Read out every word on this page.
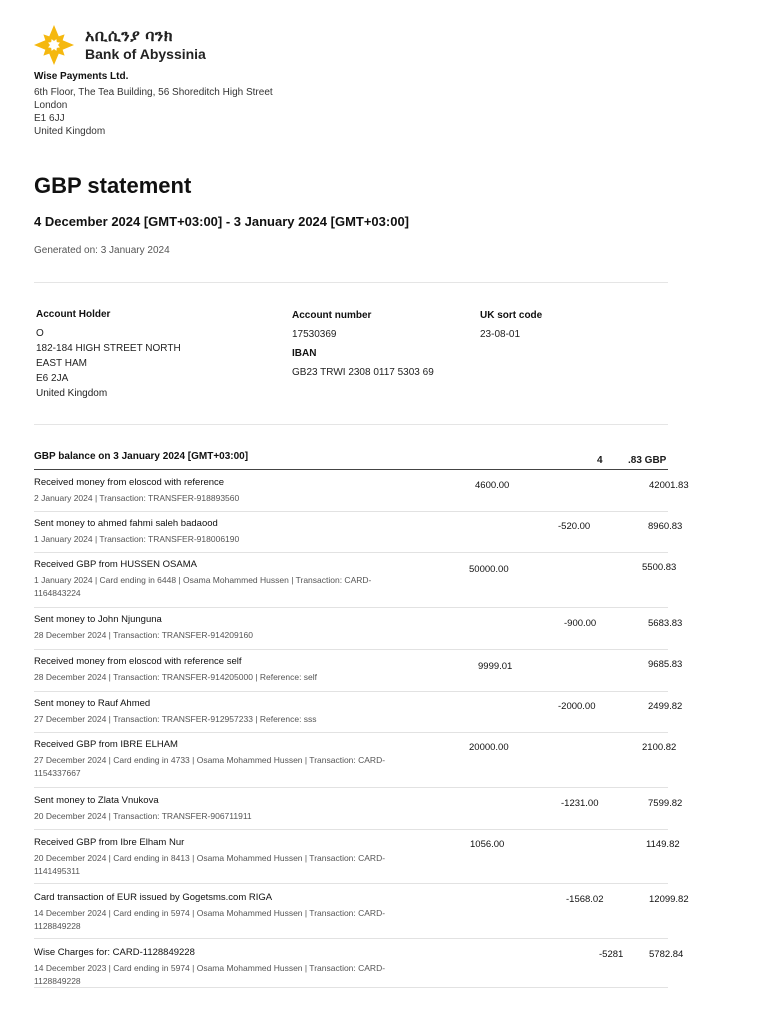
አቢሲንያ ባንክ
Bank of Abyssinia
Wise Payments Ltd.
6th Floor, The Tea Building, 56 Shoreditch High Street
London
E1 6JJ
United Kingdom
GBP statement
4 December 2024 [GMT+03:00] - 3 January 2024 [GMT+03:00]
Generated on: 3 January 2024
Account Holder
O
182-184 HIGH STREET NORTH
EAST HAM
E6 2JA
United Kingdom
Account number
17530369
IBAN
GB23 TRWI 2308 0117 5303 69
UK sort code
23-08-01
GBP balance on 3 January 2024 [GMT+03:00]	4	.83 GBP
Received money from eloscod with reference
2 January 2024 | Transaction: TRANSFER-918893560
4600.00	42001.83
Sent money to ahmed fahmi saleh badaood
1 January 2024 | Transaction: TRANSFER-918006190
-520.00	8960.83
Received GBP from HUSSEN OSAMA
1 January 2024 | Card ending in 6448 | Osama Mohammed Hussen | Transaction: CARD-1164843224
50000.00	5500.83
Sent money to John Njunguna
28 December 2024 | Transaction: TRANSFER-914209160
-900.00	5683.83
Received money from eloscod with reference self
28 December 2024 | Transaction: TRANSFER-914205000 | Reference: self
9999.01	9685.83
Sent money to Rauf Ahmed
27 December 2024 | Transaction: TRANSFER-912957233 | Reference: sss
-2000.00	2499.82
Received GBP from IBRE ELHAM
27 December 2024 | Card ending in 4733 | Osama Mohammed Hussen | Transaction: CARD-1154337667
20000.00	2100.82
Sent money to Zlata Vnukova
20 December 2024 | Transaction: TRANSFER-906711911
-1231.00	7599.82
Received GBP from Ibre Elham Nur
20 December 2024 | Card ending in 8413 | Osama Mohammed Hussen | Transaction: CARD-1141495311
1056.00	1149.82
Card transaction of EUR issued by Gogetsms.com RIGA
14 December 2024 | Card ending in 5974 | Osama Mohammed Hussen | Transaction: CARD-1128849228
-1568.02	12099.82
Wise Charges for: CARD-1128849228
14 December 2023 | Card ending in 5974 | Osama Mohammed Hussen | Transaction: CARD-1128849228
-5281	5782.84
